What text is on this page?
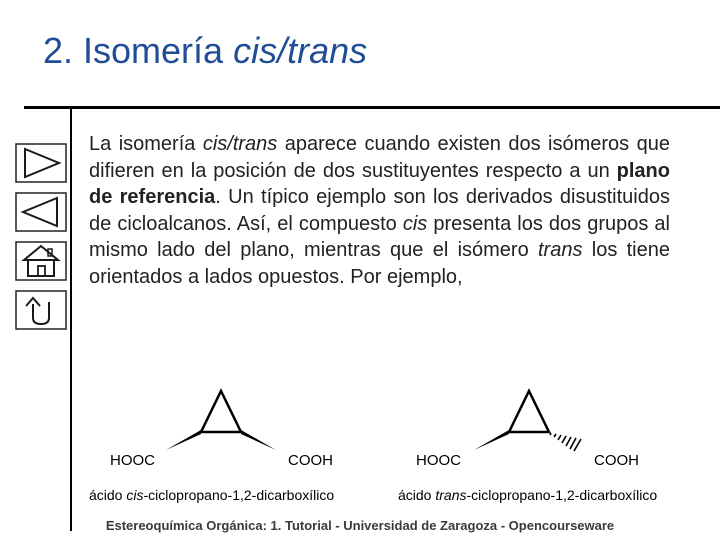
2. Isomería cis/trans

La isomería cis/trans aparece cuando existen dos isómeros que difieren en la posición de dos sustituyentes respecto a un plano de referencia. Un típico ejemplo son los derivados disustituidos de cicloalcanos. Así, el compuesto cis presenta los dos grupos al mismo lado del plano, mientras que el isómero trans los tiene orientados a lados opuestos. Por ejemplo,

HOOC	COOH	HOOC	COOH

ácido cis-ciclopropano-1,2-dicarboxílico	ácido trans-ciclopropano-1,2-dicarboxílico

Estereoquímica Orgánica: 1. Tutorial - Universidad de Zaragoza - Opencourseware
